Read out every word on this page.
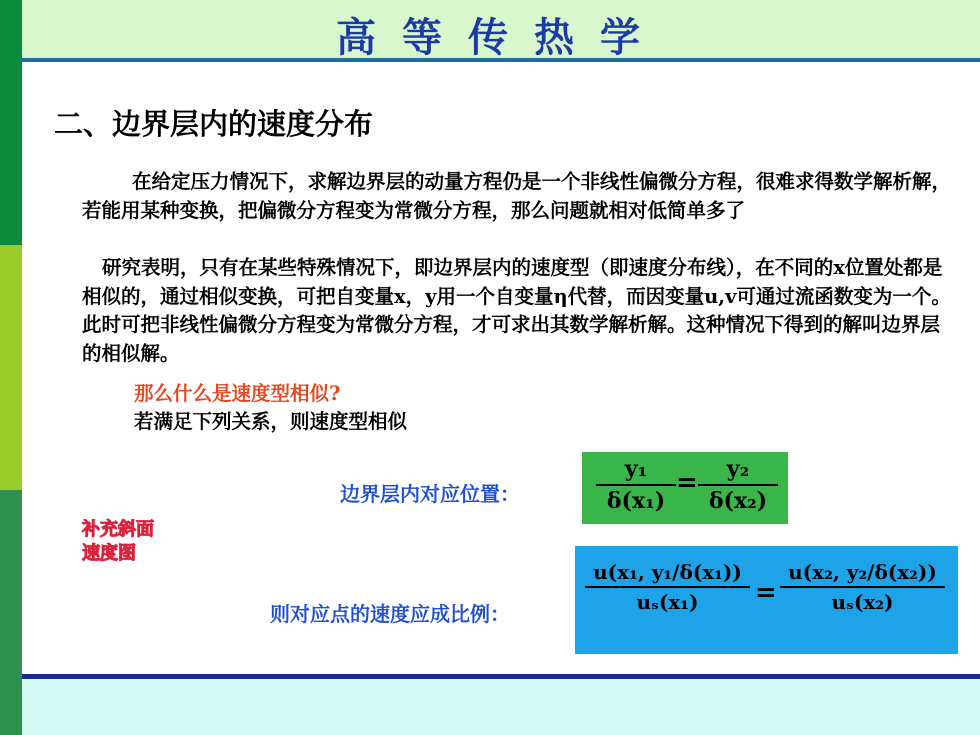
高等传热学
二、边界层内的速度分布
在给定压力情况下，求解边界层的动量方程仍是一个非线性偏微分方程，很难求得数学解析解，若能用某种变换，把偏微分方程变为常微分方程，那么问题就相对低简单多了
研究表明，只有在某些特殊情况下，即边界层内的速度型（即速度分布线），在不同的x位置处都是相似的，通过相似变换，可把自变量x，y用一个自变量η代替，而因变量u,v可通过流函数变为一个。此时可把非线性偏微分方程变为常微分方程，才可求出其数学解析解。这种情况下得到的解叫边界层的相似解。
那么什么是速度型相似?
若满足下列关系，则速度型相似
边界层内对应位置：
y₁
δ(x₁)
=	y₂
δ(x₂)
补充斜面
速度图
则对应点的速度应成比例：
u(x₁, y₁/δ(x₁))
uₛ(x₁)	=
u(x₂, y₂/δ(x₂))
uₛ(x₂)
